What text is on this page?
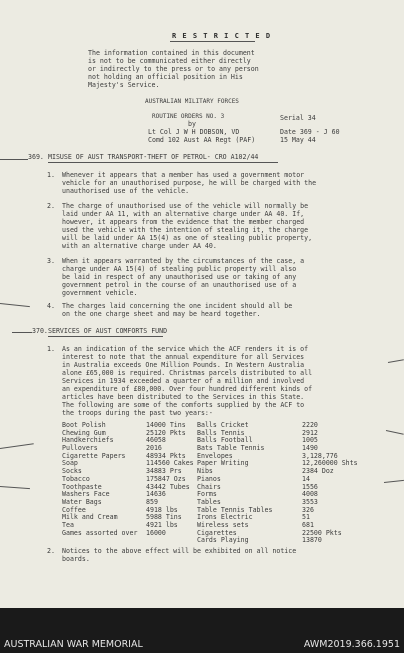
R E S T R I C T E D
The information contained in this document
is not to be communicated either directly
or indirectly to the press or to any person
not holding an official position in His
Majesty's Service.
AUSTRALIAN MILITARY FORCES
ROUTINE ORDERS NO. 3
by
Lt Col J W H DOBSON, VD
Comd 102 Aust AA Regt (PAF)
Serial 34
Date 369 - J 60
15 May 44
369. MISUSE OF AUST TRANSPORT-THEFT OF PETROL- CRO A102/44
1. Whenever it appears that a member has used a government motor
vehicle for an unauthorised purpose, he will be charged with the
unauthorised use of the vehicle.
2. The charge of unauthorised use of the vehicle will normally be
laid under AA 11, with an alternative charge under AA 40. If,
however, it appears from the evidence that the member charged
used the vehicle with the intention of stealing it, the charge
will be laid under AA 15(4) as one of stealing public property,
with an alternative charge under AA 40.
3. When it appears warranted by the circumstances of the case, a
charge under AA 15(4) of stealing public property will also
be laid in respect of any unauthorised use or taking of any
government petrol in the course of an unauthorised use of a
government vehicle.
4. The charges laid concerning the one incident should all be
on the one charge sheet and may be heard together.
370. SERVICES OF AUST COMFORTS FUND
1. As an indication of the service which the ACF renders it is of
interest to note that the annual expenditure for all Services
in Australia exceeds One Million Pounds. In Western Australia
alone £65,000 is required. Christmas parcels distributed to all
Services in 1934 exceeded a quarter of a million and involved
an expenditure of £80,000. Over four hundred different kinds of
articles have been distributed to the Services in this State.
The following are some of the comforts supplied by the ACF to
the troops during the past two years:-
Boot Polish	14000 Tins Balls Cricket	2220
Chewing Gum	25120 Pkts Balls Tennis	2912
Handkerchiefs	46058	Balls Football	1005
Pullovers	2016	Bats Table Tennis	1490
Cigarette Papers	48934 Pkts Envelopes	3,128,776
Soap	114560 Cakes Paper Writing	12,260000 Shts
Socks	34883 Prs Nibs	2384 Doz
Tobacco	175847 Ozs Pianos	14
Toothpaste	43442 Tubes Chairs	1556
Washers Face	14636	Forms	4008
Water Bags	859	Tables	3553
Coffee	4918 lbs	Table Tennis Tables	326
Milk and Cream	5988 Tins Irons Electric	51
Tea	4921 lbs	Wireless sets	681
Games assorted over 16000	Cigarettes	22500 Pkts
Cards Playing	13870
2. Notices to the above effect will be exhibited on all notice
boards.
AUSTRALIAN WAR MEMORIAL	AWM2019.366.1951
